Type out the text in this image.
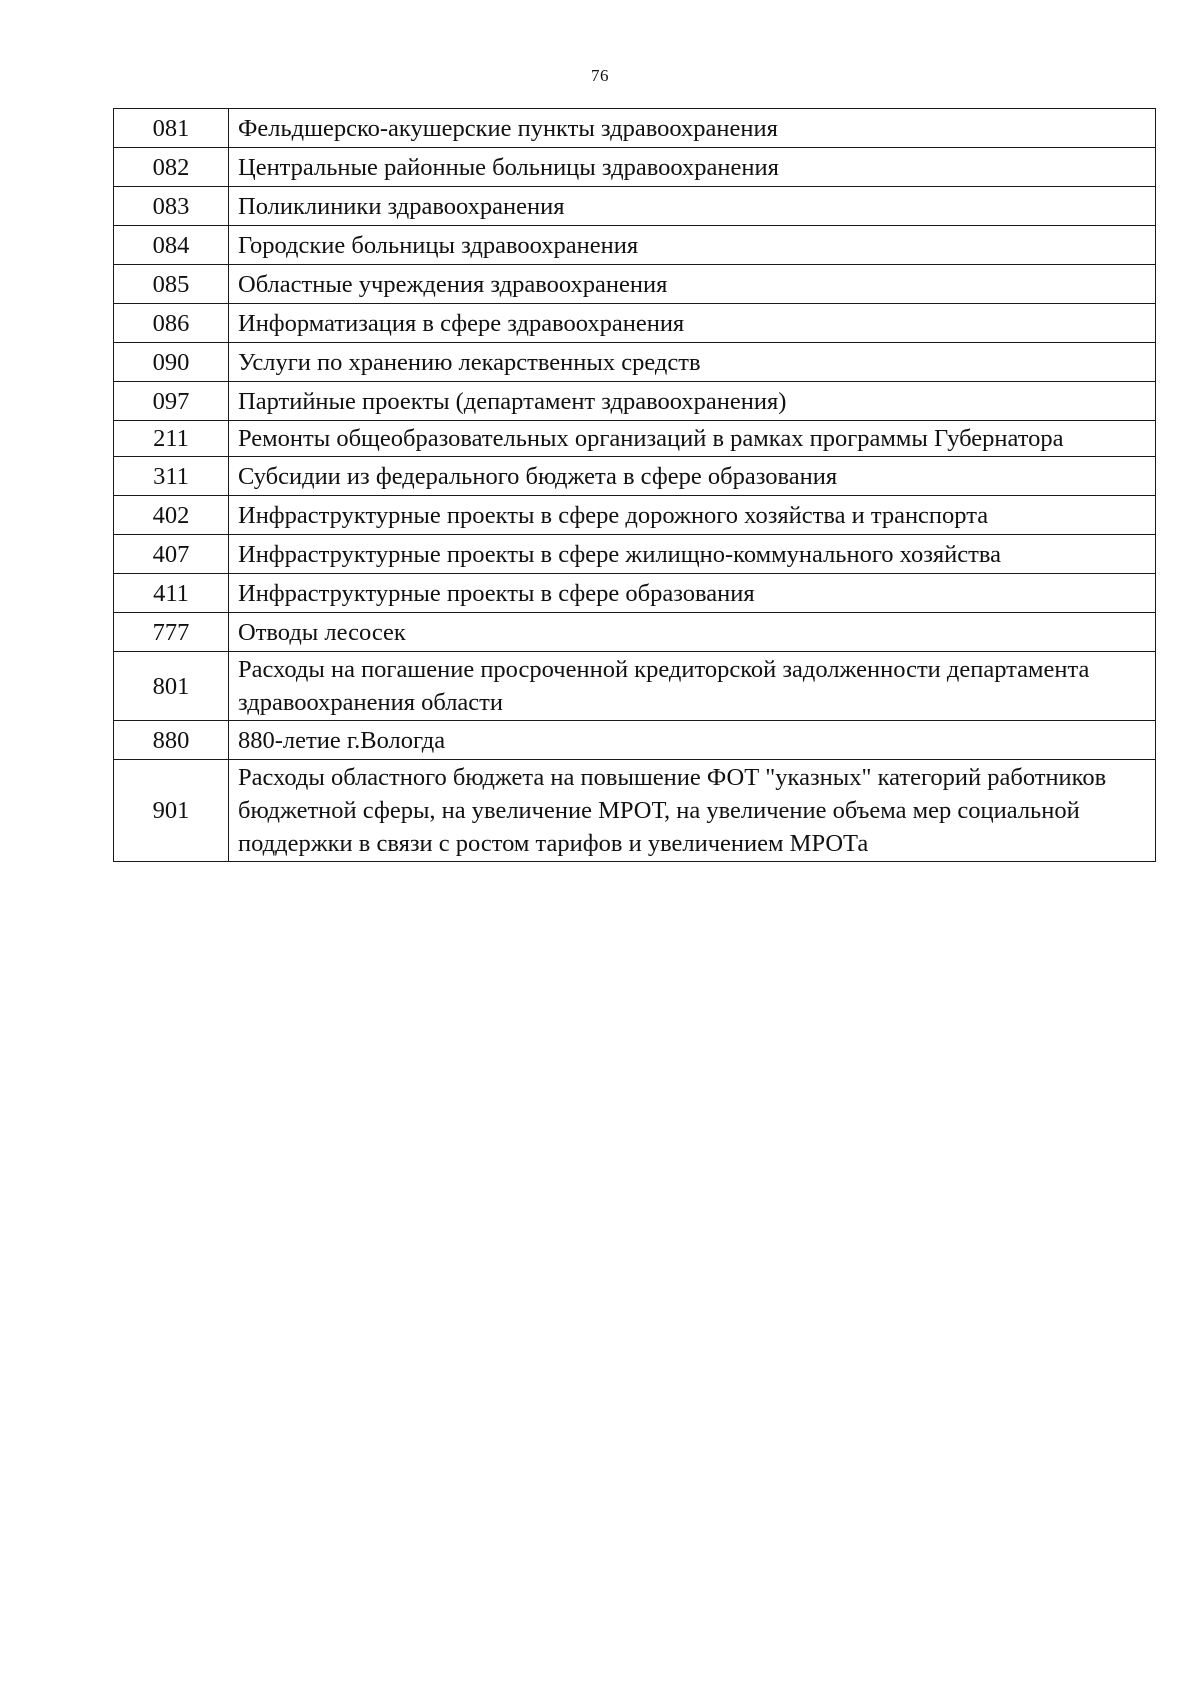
76
081	Фельдшерско-акушерские пункты здравоохранения
082	Центральные районные больницы здравоохранения
083	Поликлиники здравоохранения
084	Городские больницы здравоохранения
085	Областные учреждения здравоохранения
086	Информатизация в сфере здравоохранения
090	Услуги по хранению лекарственных средств
097	Партийные проекты (департамент здравоохранения)
211	Ремонты общеобразовательных организаций в рамках программы Губернатора
311	Субсидии из федерального бюджета в сфере образования
402	Инфраструктурные проекты в сфере дорожного хозяйства и транспорта
407	Инфраструктурные проекты в сфере жилищно-коммунального хозяйства
411	Инфраструктурные проекты в сфере образования
777	Отводы лесосек
801	Расходы на погашение просроченной кредиторской задолженности департамента здравоохранения области
880	880-летие г.Вологда
901	Расходы областного бюджета на повышение ФОТ "указных" категорий работников бюджетной сферы, на увеличение МРОТ, на увеличение объема мер социальной поддержки в связи с ростом тарифов и увеличением МРОТа
